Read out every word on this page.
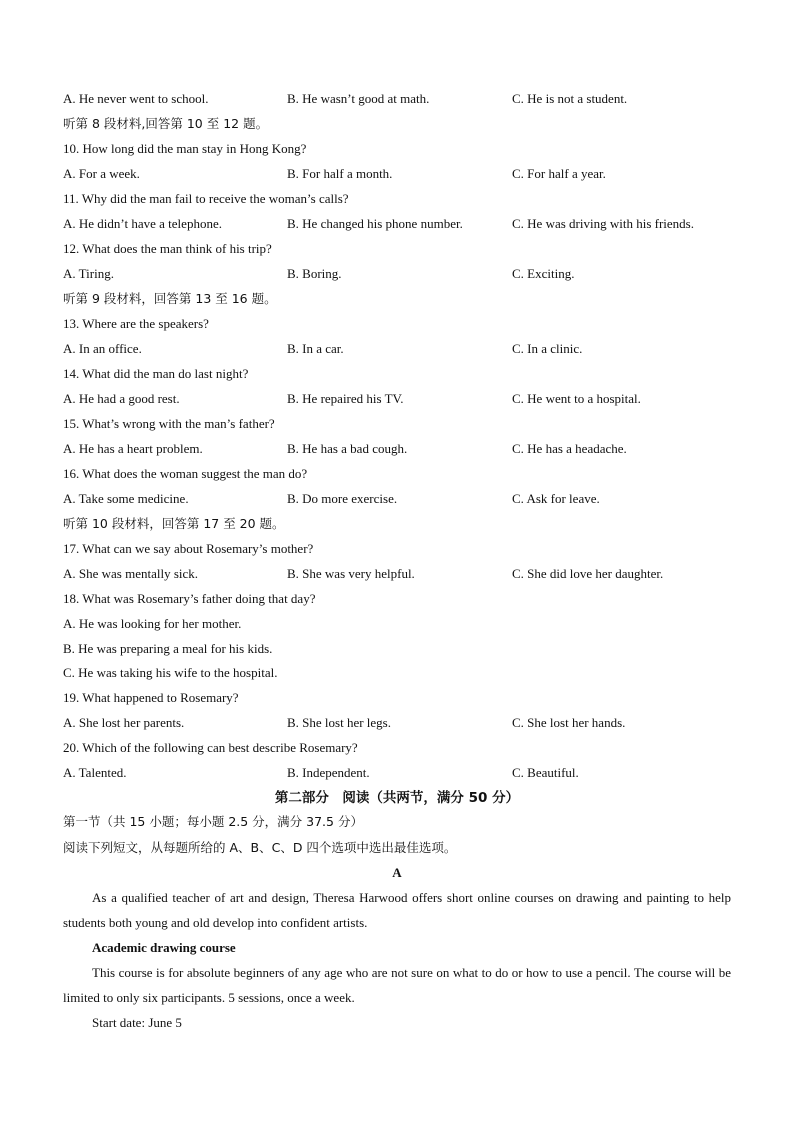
A. He never went to school.	B. He wasn’t good at math.	C. He is not a student.
听第 8 段材料,回答第 10 至 12 题。
10. How long did the man stay in Hong Kong?
A. For a week.	B. For half a month.	C. For half a year.
11. Why did the man fail to receive the woman’s calls?
A. He didn’t have a telephone.	B. He changed his phone number.	C. He was driving with his friends.
12. What does the man think of his trip?
A. Tiring.	B. Boring.	C. Exciting.
听第 9 段材料，回答第 13 至 16 题。
13. Where are the speakers?
A. In an office.	B. In a car.	C. In a clinic.
14. What did the man do last night?
A. He had a good rest.	B. He repaired his TV.	C. He went to a hospital.
15. What’s wrong with the man’s father?
A. He has a heart problem.	B. He has a bad cough.	C. He has a headache.
16. What does the woman suggest the man do?
A. Take some medicine.	B. Do more exercise.	C. Ask for leave.
听第 10 段材料，回答第 17 至 20 题。
17. What can we say about Rosemary’s mother?
A. She was mentally sick.	B. She was very helpful.	C. She did love her daughter.
18. What was Rosemary’s father doing that day?
A. He was looking for her mother.
B. He was preparing a meal for his kids.
C. He was taking his wife to the hospital.
19. What happened to Rosemary?
A. She lost her parents.	B. She lost her legs.	C. She lost her hands.
20. Which of the following can best describe Rosemary?
A. Talented.	B. Independent.	C. Beautiful.
第二部分　阅读（共两节，满分 50 分）
第一节（共 15 小题；每小题 2.5 分，满分 37.5 分）
阅读下列短文，从每题所给的 A、B、C、D 四个选项中选出最佳选项。
A
As a qualified teacher of art and design, Theresa Harwood offers short online courses on drawing and painting to help students both young and old develop into confident artists.
Academic drawing course
This course is for absolute beginners of any age who are not sure on what to do or how to use a pencil. The course will be limited to only six participants. 5 sessions, once a week.
Start date: June 5
